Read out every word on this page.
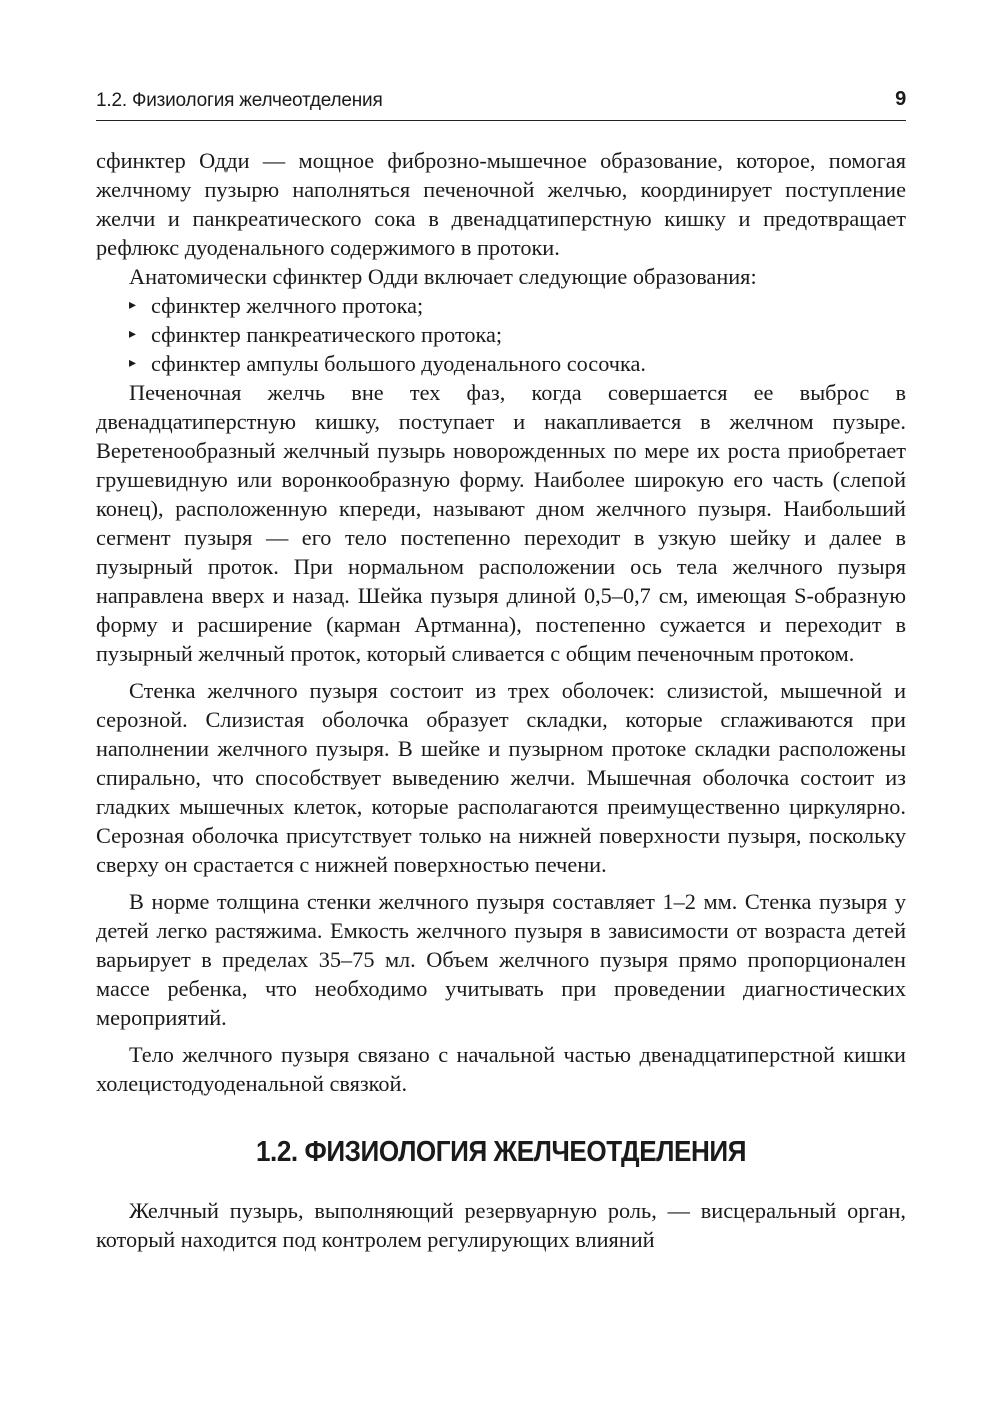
1.2. Физиология желчеотделения	9

сфинктер Одди — мощное фиброзно-мышечное образование, которое, помогая желчному пузырю наполняться печеночной желчью, координирует поступление желчи и панкреатического сока в двенадцатиперстную кишку и предотвращает рефлюкс дуоденального содержимого в протоки.

Анатомически сфинктер Одди включает следующие образования:

▸ сфинктер желчного протока;
▸ сфинктер панкреатического протока;
▸ сфинктер ампулы большого дуоденального сосочка.

Печеночная желчь вне тех фаз, когда совершается ее выброс в двенадцатиперстную кишку, поступает и накапливается в желчном пузыре. Веретенообразный желчный пузырь новорожденных по мере их роста приобретает грушевидную или воронкообразную форму. Наиболее широкую его часть (слепой конец), расположенную кпереди, называют дном желчного пузыря. Наибольший сегмент пузыря — его тело постепенно переходит в узкую шейку и далее в пузырный проток. При нормальном расположении ось тела желчного пузыря направлена вверх и назад. Шейка пузыря длиной 0,5–0,7 см, имеющая S-образную форму и расширение (карман Артманна), постепенно сужается и переходит в пузырный желчный проток, который сливается с общим печеночным протоком.

Стенка желчного пузыря состоит из трех оболочек: слизистой, мышечной и серозной. Слизистая оболочка образует складки, которые сглаживаются при наполнении желчного пузыря. В шейке и пузырном протоке складки расположены спирально, что способствует выведению желчи. Мышечная оболочка состоит из гладких мышечных клеток, которые располагаются преимущественно циркулярно. Серозная оболочка присутствует только на нижней поверхности пузыря, поскольку сверху он срастается с нижней поверхностью печени.

В норме толщина стенки желчного пузыря составляет 1–2 мм. Стенка пузыря у детей легко растяжима. Емкость желчного пузыря в зависимости от возраста детей варьирует в пределах 35–75 мл. Объем желчного пузыря прямо пропорционален массе ребенка, что необходимо учитывать при проведении диагностических мероприятий.

Тело желчного пузыря связано с начальной частью двенадцатиперстной кишки холецистодуоденальной связкой.

1.2. ФИЗИОЛОГИЯ ЖЕЛЧЕОТДЕЛЕНИЯ

Желчный пузырь, выполняющий резервуарную роль, — висцеральный орган, который находится под контролем регулирующих влияний
